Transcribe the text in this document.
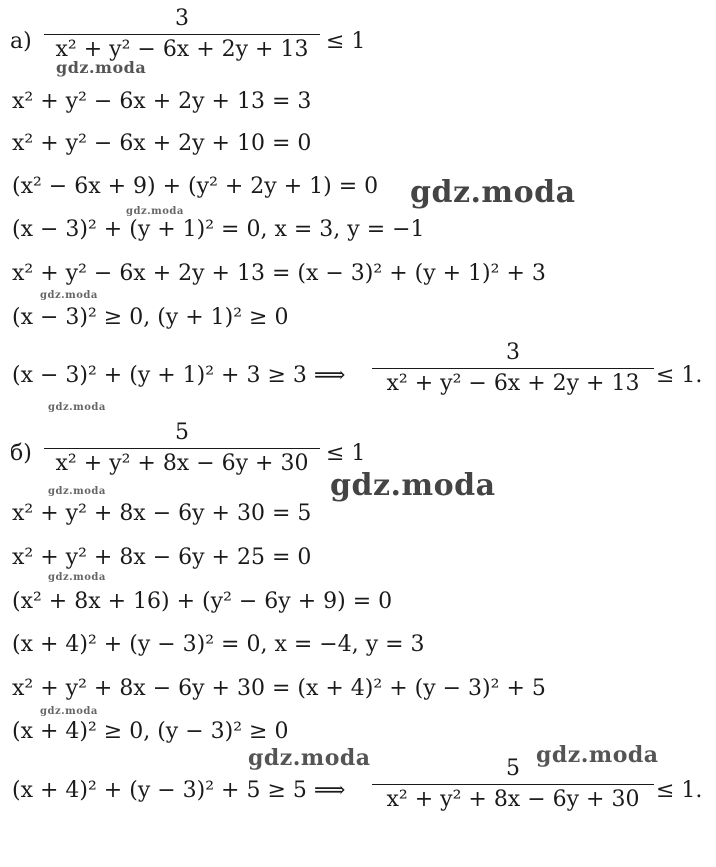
а)
3
x² + y² − 6x + 2y + 13 ≤ 1
x² + y² − 6x + 2y + 13 = 3
x² + y² − 6x + 2y + 10 = 0
(x² − 6x + 9) + (y² + 2y + 1) = 0
(x − 3)² + (y + 1)² = 0, x = 3, y = −1
x² + y² − 6x + 2y + 13 = (x − 3)² + (y + 1)² + 3
(x − 3)² ≥ 0, (y + 1)² ≥ 0
(x − 3)² + (y + 1)² + 3 ≥ 3 ⟹
3
x² + y² − 6x + 2y + 13 ≤ 1.
б)
5
x² + y² + 8x − 6y + 30 ≤ 1
x² + y² + 8x − 6y + 30 = 5
x² + y² + 8x − 6y + 25 = 0
(x² + 8x + 16) + (y² − 6y + 9) = 0
(x + 4)² + (y − 3)² = 0, x = −4, y = 3
x² + y² + 8x − 6y + 30 = (x + 4)² + (y − 3)² + 5
(x + 4)² ≥ 0, (y − 3)² ≥ 0
(x + 4)² + (y − 3)² + 5 ≥ 5 ⟹
5
x² + y² + 8x − 6y + 30 ≤ 1.
gdz.moda
gdz.moda
gdz.moda
gdz.moda
gdz.moda
gdz.moda	gdz.moda
gdz.moda
gdz.moda
gdz.moda	gdz.moda
